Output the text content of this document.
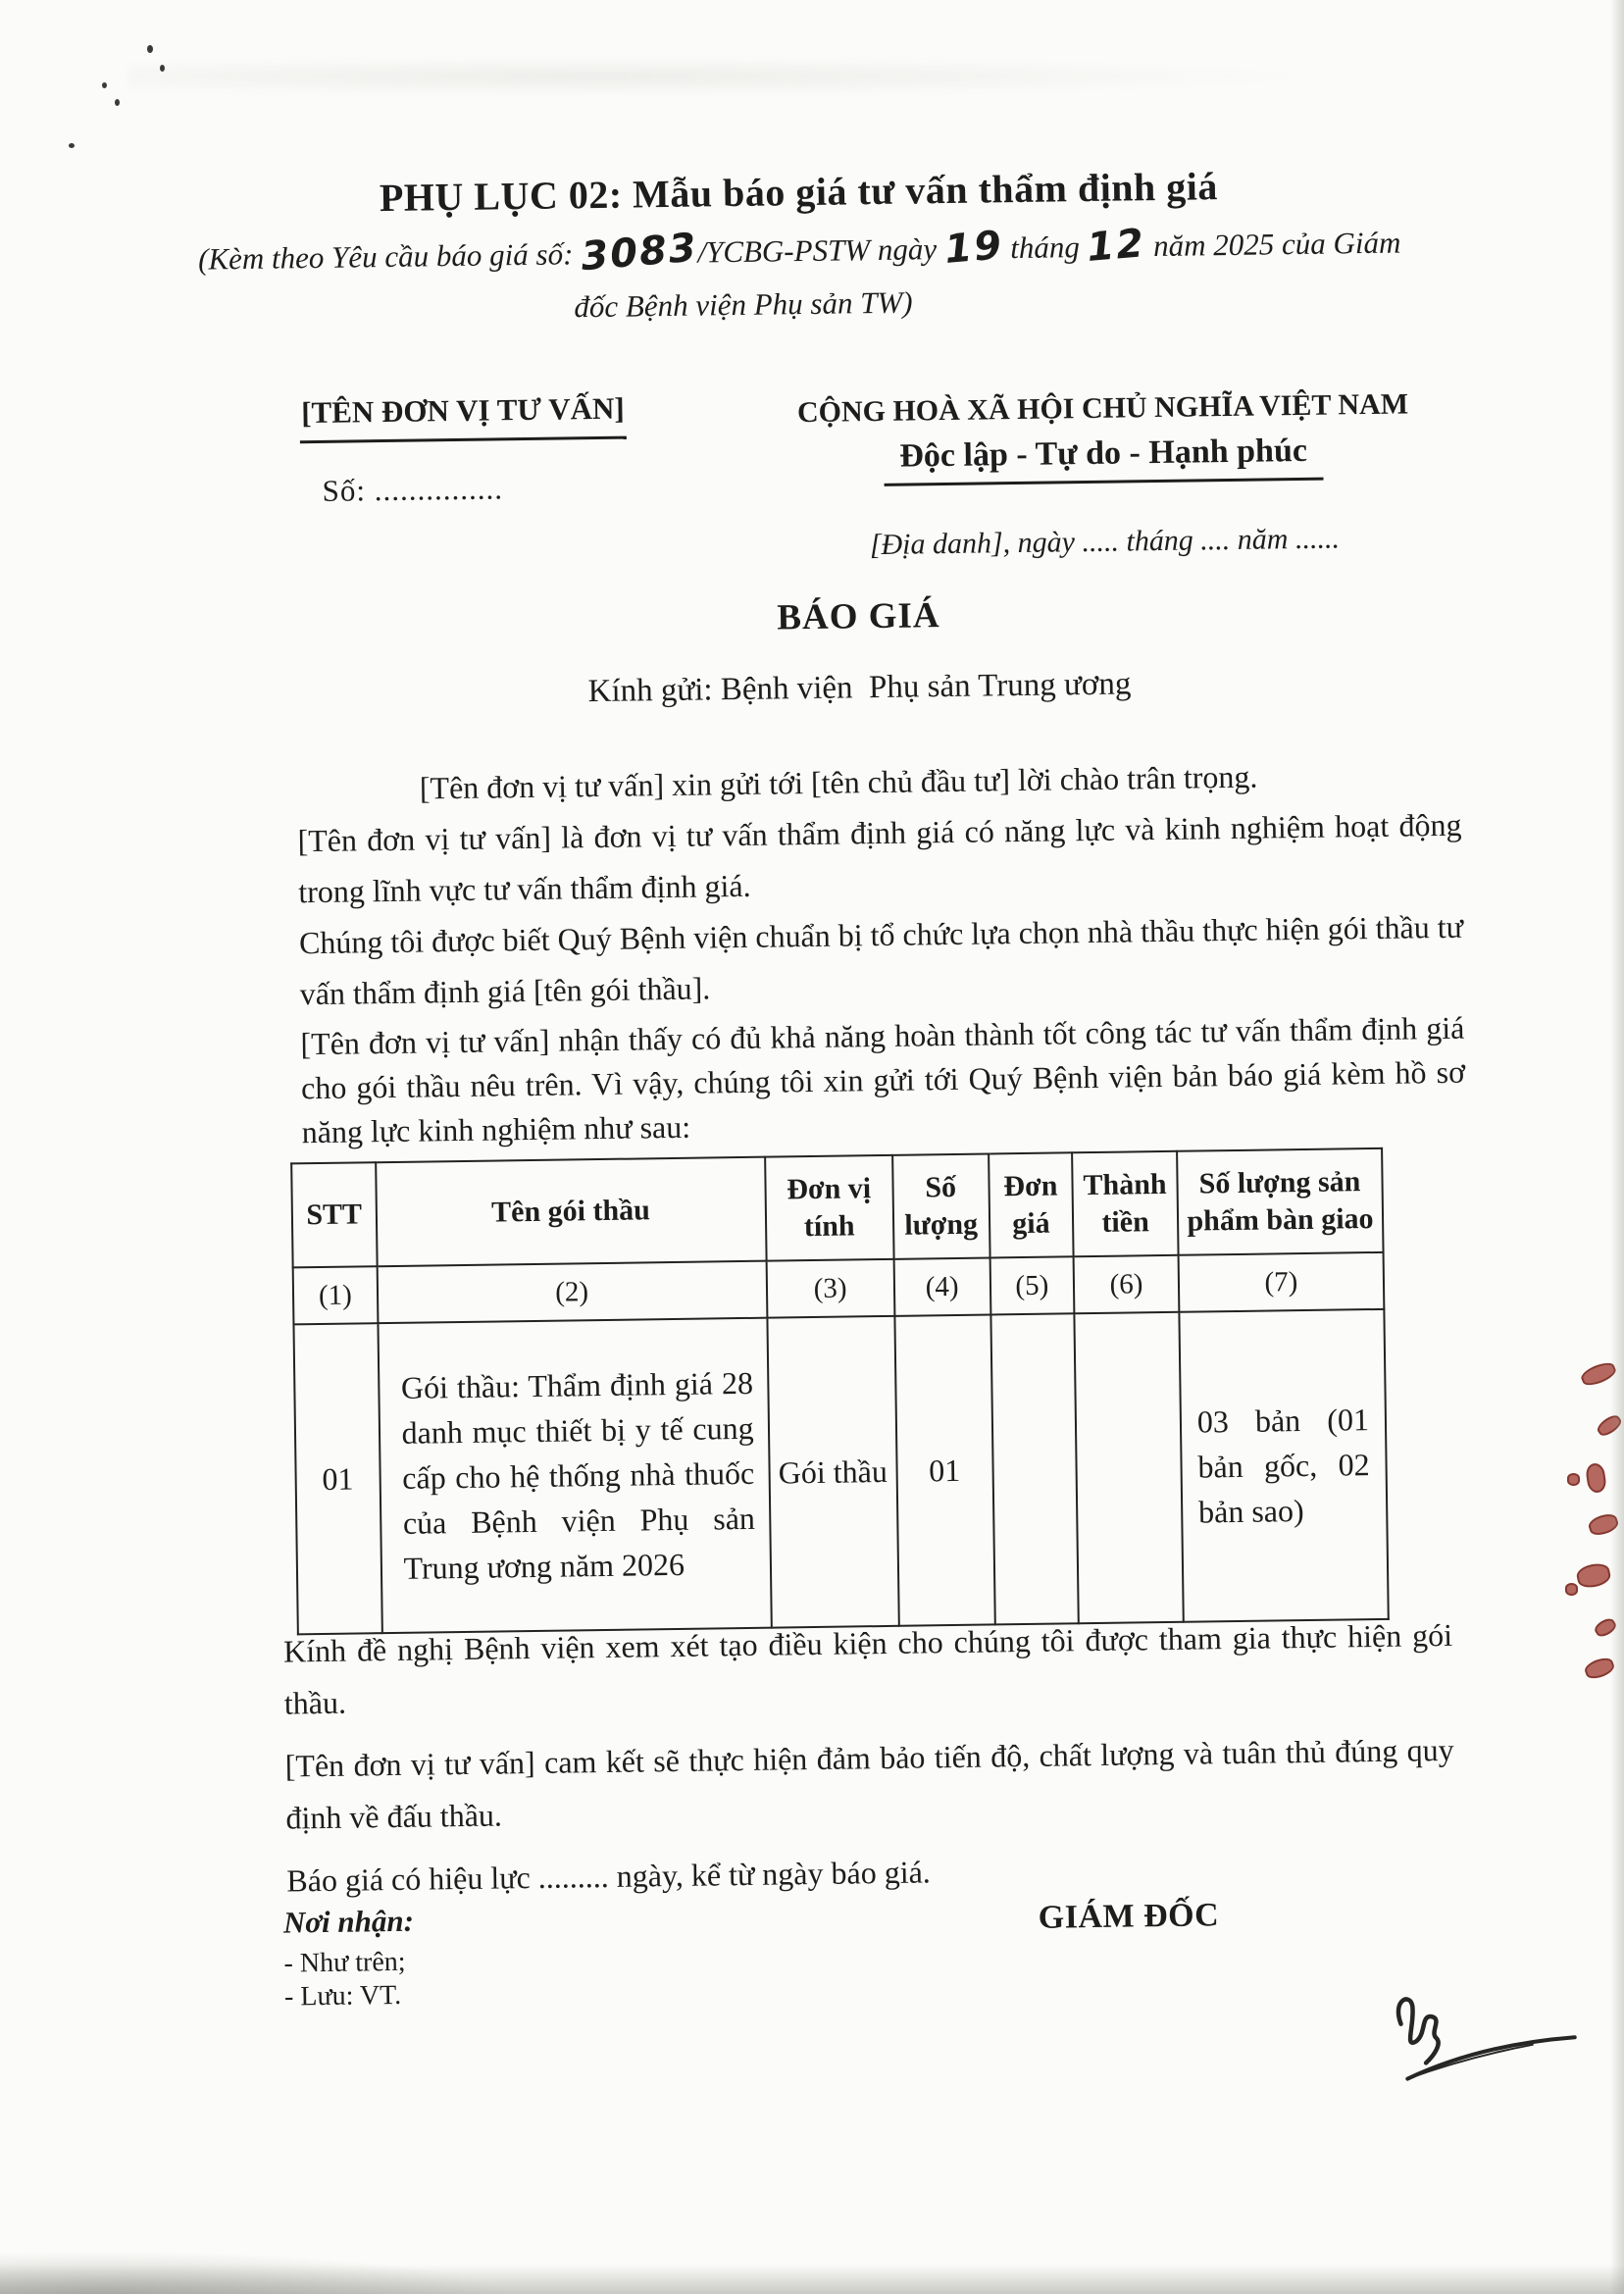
PHỤ LỤC 02: Mẫu báo giá tư vấn thẩm định giá
(Kèm theo Yêu cầu báo giá số: 3083/YCBG-PSTW ngày 19 tháng 12 năm 2025 của Giám
đốc Bệnh viện Phụ sản TW)
[TÊN ĐƠN VỊ TƯ VẤN]
Số: ...............
CỘNG HOÀ XÃ HỘI CHỦ NGHĨA VIỆT NAM
Độc lập - Tự do - Hạnh phúc
[Địa danh], ngày ..... tháng .... năm ......
BÁO GIÁ
Kính gửi: Bệnh viện  Phụ sản Trung ương

[Tên đơn vị tư vấn] xin gửi tới [tên chủ đầu tư] lời chào trân trọng.

[Tên đơn vị tư vấn] là đơn vị tư vấn thẩm định giá có năng lực và kinh nghiệm hoạt động trong lĩnh vực tư vấn thẩm định giá.

Chúng tôi được biết Quý Bệnh viện chuẩn bị tổ chức lựa chọn nhà thầu thực hiện gói thầu tư vấn thẩm định giá [tên gói thầu].

[Tên đơn vị tư vấn] nhận thấy có đủ khả năng hoàn thành tốt công tác tư vấn thẩm định giá cho gói thầu nêu trên. Vì vậy, chúng tôi xin gửi tới Quý Bệnh viện bản báo giá kèm hồ sơ năng lực kinh nghiệm như sau:

STT	Tên gói thầu	Đơn vị tính	Số lượng	Đơn giá	Thành tiền	Số lượng sản phẩm bàn giao
(1)	(2)	(3)	(4)	(5)	(6)	(7)
01	Gói thầu: Thẩm định giá 28 danh mục thiết bị y tế cung cấp cho hệ thống nhà thuốc của Bệnh viện Phụ sản Trung ương năm 2026	Gói thầu	01			03 bản (01 bản gốc, 02 bản sao)

Kính đề nghị Bệnh viện xem xét tạo điều kiện cho chúng tôi được tham gia thực hiện gói thầu.

[Tên đơn vị tư vấn] cam kết sẽ thực hiện đảm bảo tiến độ, chất lượng và tuân thủ đúng quy định về đấu thầu.

Báo giá có hiệu lực ......... ngày, kể từ ngày báo giá.

Nơi nhận:
- Như trên;
- Lưu: VT.
GIÁM ĐỐC
